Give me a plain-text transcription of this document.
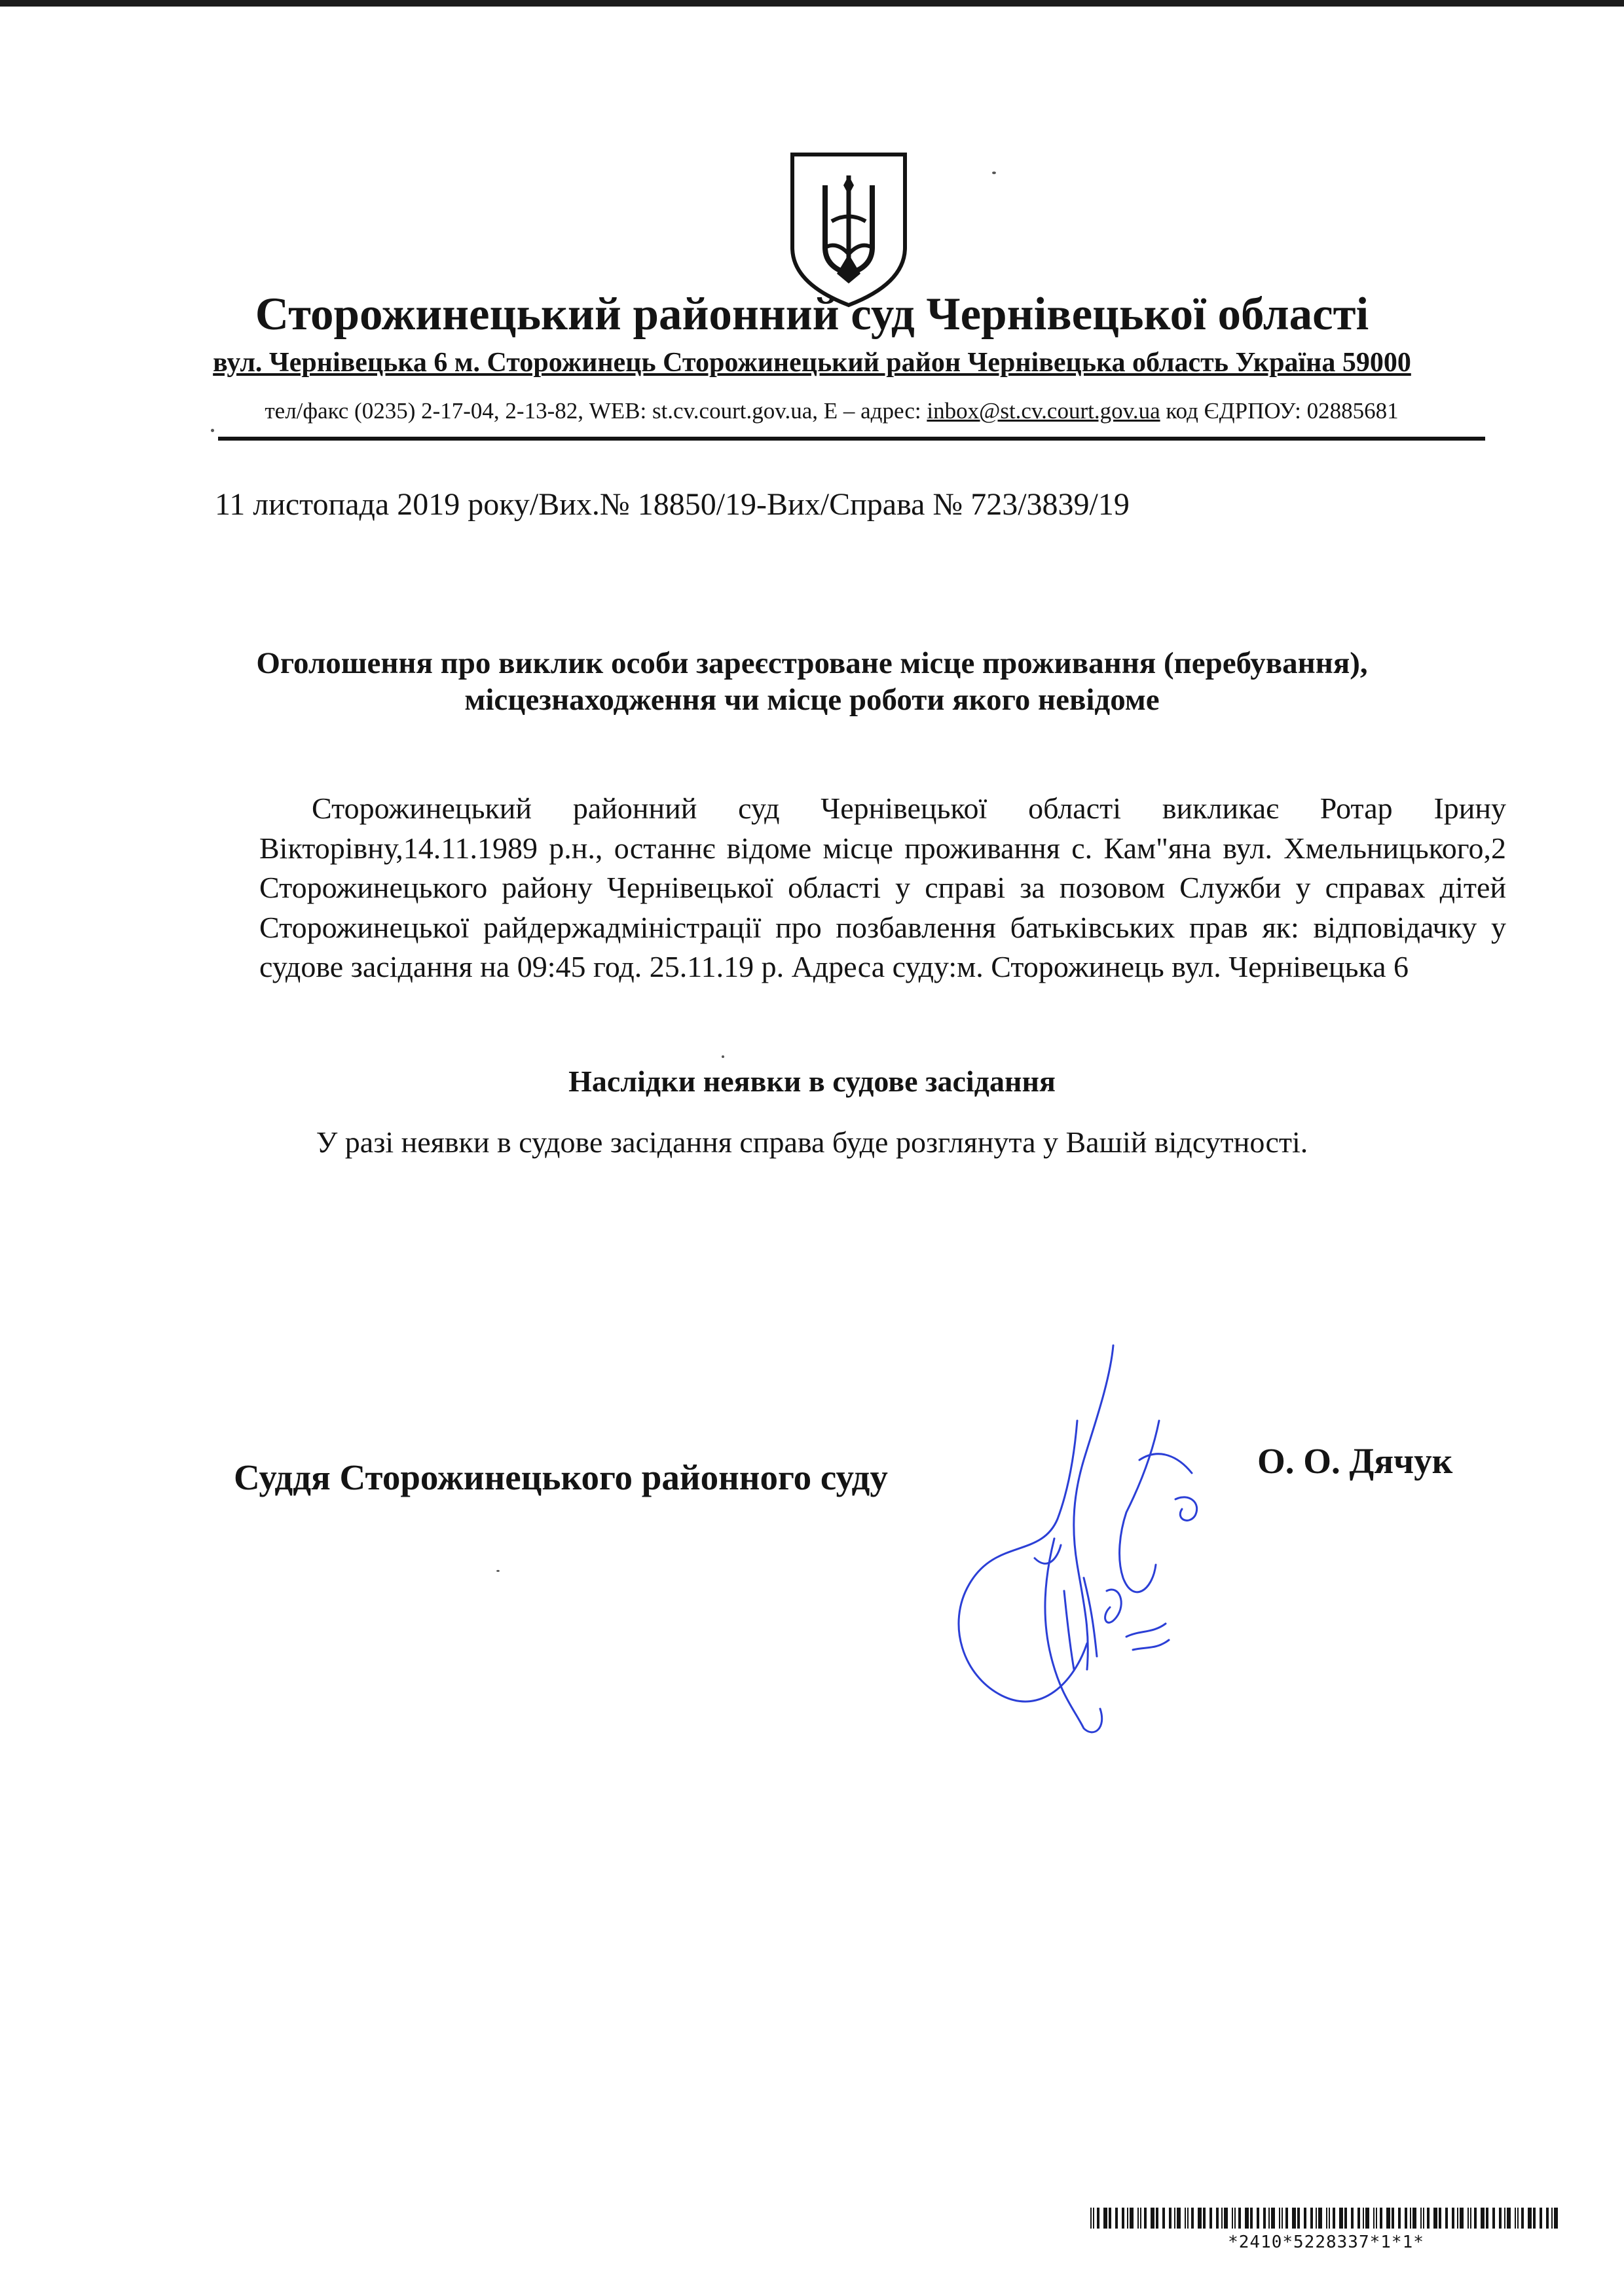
Сторожинецький районний суд Чернівецької області
вул. Чернівецька 6 м. Сторожинець Сторожинецький район Чернівецька область Україна 59000
тел/факс (0235) 2-17-04, 2-13-82, WEB: st.cv.court.gov.ua, E – адрес: inbox@st.cv.court.gov.ua код ЄДРПОУ: 02885681
11 листопада 2019 року/Вих.№ 18850/19-Вих/Справа № 723/3839/19
Оголошення про виклик особи зареєстроване місце проживання (перебування),
місцезнаходження чи місце роботи якого невідоме
Сторожинецький районний суд Чернівецької області викликає Ротар Ірину Вікторівну,14.11.1989 р.н., останнє відоме місце проживання с. Кам"яна вул. Хмельницького,2 Сторожинецького району Чернівецької області у справі за позовом Служби у справах дітей Сторожинецької райдержадміністрації про позбавлення батьківських прав як: відповідачку у судове засідання на 09:45 год. 25.11.19 р. Адреса суду:м. Сторожинець вул. Чернівецька 6
Наслідки неявки в судове засідання
У разі неявки в судове засідання справа буде розглянута у Вашій відсутності.
Суддя Сторожинецького районного суду	О. О. Дячук
*2410*5228337*1*1*
